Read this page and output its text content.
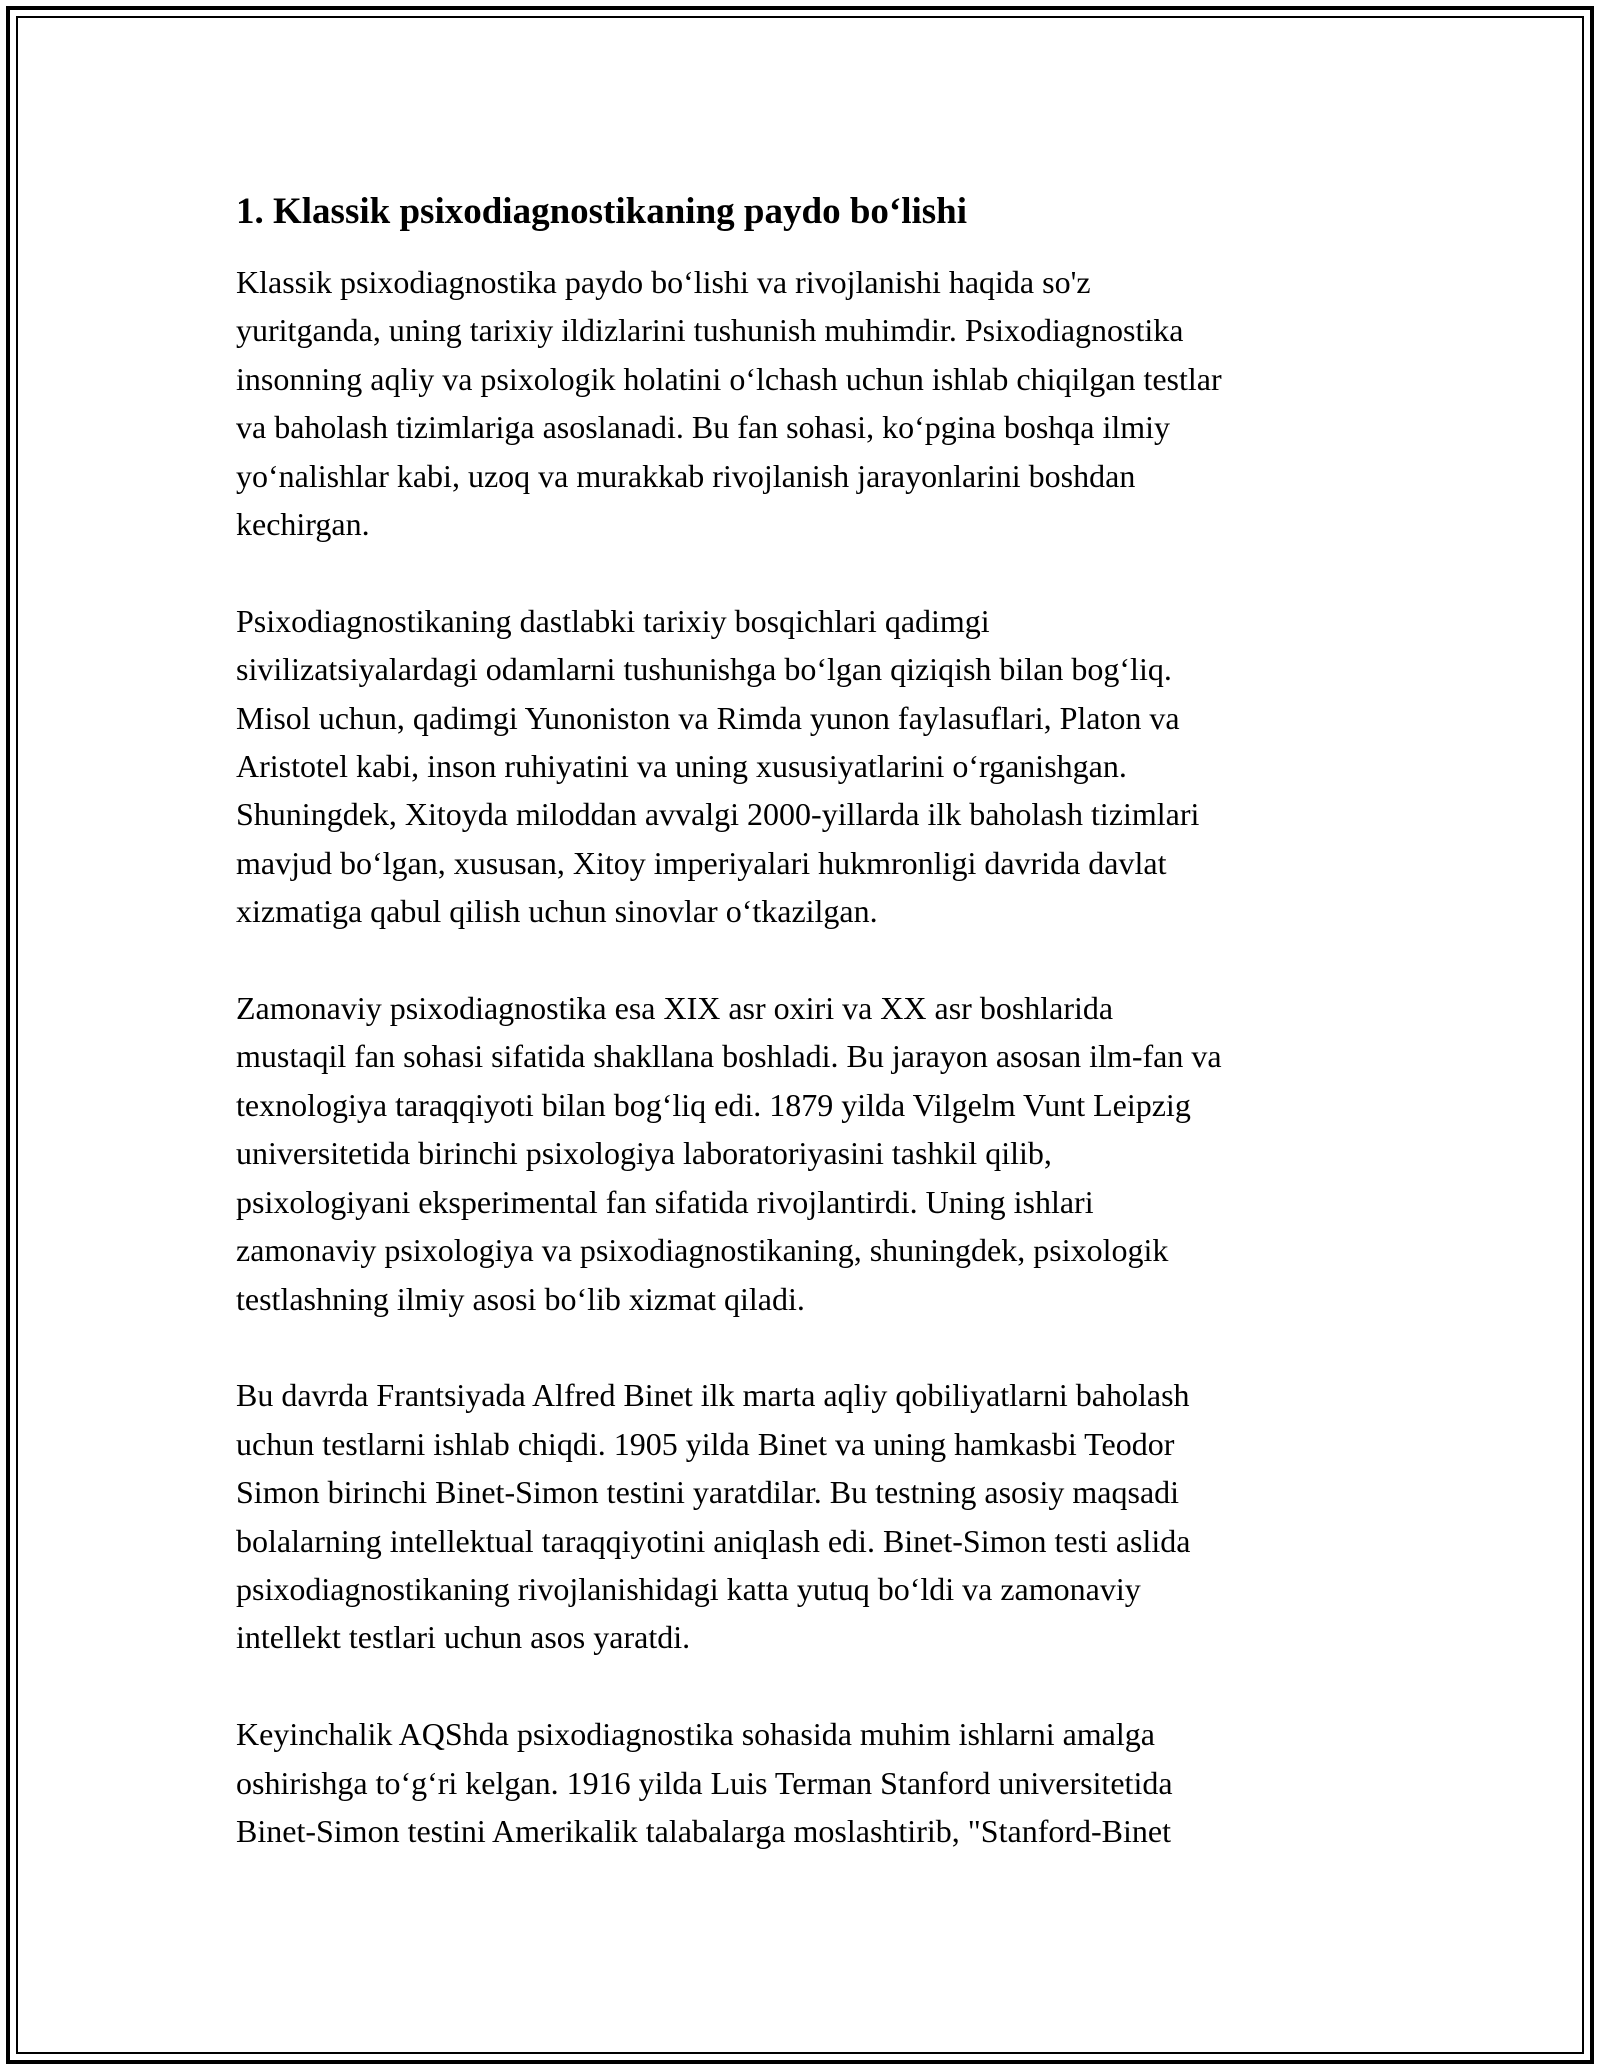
1. Klassik psixodiagnostikaning paydo boʻlishi
Klassik psixodiagnostika paydo boʻlishi va rivojlanishi haqida so'z
yuritganda, uning tarixiy ildizlarini tushunish muhimdir. Psixodiagnostika
insonning aqliy va psixologik holatini oʻlchash uchun ishlab chiqilgan testlar
va baholash tizimlariga asoslanadi. Bu fan sohasi, koʻpgina boshqa ilmiy
yoʻnalishlar kabi, uzoq va murakkab rivojlanish jarayonlarini boshdan
kechirgan.
Psixodiagnostikaning dastlabki tarixiy bosqichlari qadimgi
sivilizatsiyalardagi odamlarni tushunishga boʻlgan qiziqish bilan bogʻliq.
Misol uchun, qadimgi Yunoniston va Rimda yunon faylasuflari, Platon va
Aristotel kabi, inson ruhiyatini va uning xususiyatlarini oʻrganishgan.
Shuningdek, Xitoyda miloddan avvalgi 2000-yillarda ilk baholash tizimlari
mavjud boʻlgan, xususan, Xitoy imperiyalari hukmronligi davrida davlat
xizmatiga qabul qilish uchun sinovlar oʻtkazilgan.
Zamonaviy psixodiagnostika esa XIX asr oxiri va XX asr boshlarida
mustaqil fan sohasi sifatida shakllana boshladi. Bu jarayon asosan ilm-fan va
texnologiya taraqqiyoti bilan bogʻliq edi. 1879 yilda Vilgelm Vunt Leipzig
universitetida birinchi psixologiya laboratoriyasini tashkil qilib,
psixologiyani eksperimental fan sifatida rivojlantirdi. Uning ishlari
zamonaviy psixologiya va psixodiagnostikaning, shuningdek, psixologik
testlashning ilmiy asosi boʻlib xizmat qiladi.
Bu davrda Frantsiyada Alfred Binet ilk marta aqliy qobiliyatlarni baholash
uchun testlarni ishlab chiqdi. 1905 yilda Binet va uning hamkasbi Teodor
Simon birinchi Binet-Simon testini yaratdilar. Bu testning asosiy maqsadi
bolalarning intellektual taraqqiyotini aniqlash edi. Binet-Simon testi aslida
psixodiagnostikaning rivojlanishidagi katta yutuq boʻldi va zamonaviy
intellekt testlari uchun asos yaratdi.
Keyinchalik AQShda psixodiagnostika sohasida muhim ishlarni amalga
oshirishga toʻgʻri kelgan. 1916 yilda Luis Terman Stanford universitetida
Binet-Simon testini Amerikalik talabalarga moslashtirib, "Stanford-Binet
